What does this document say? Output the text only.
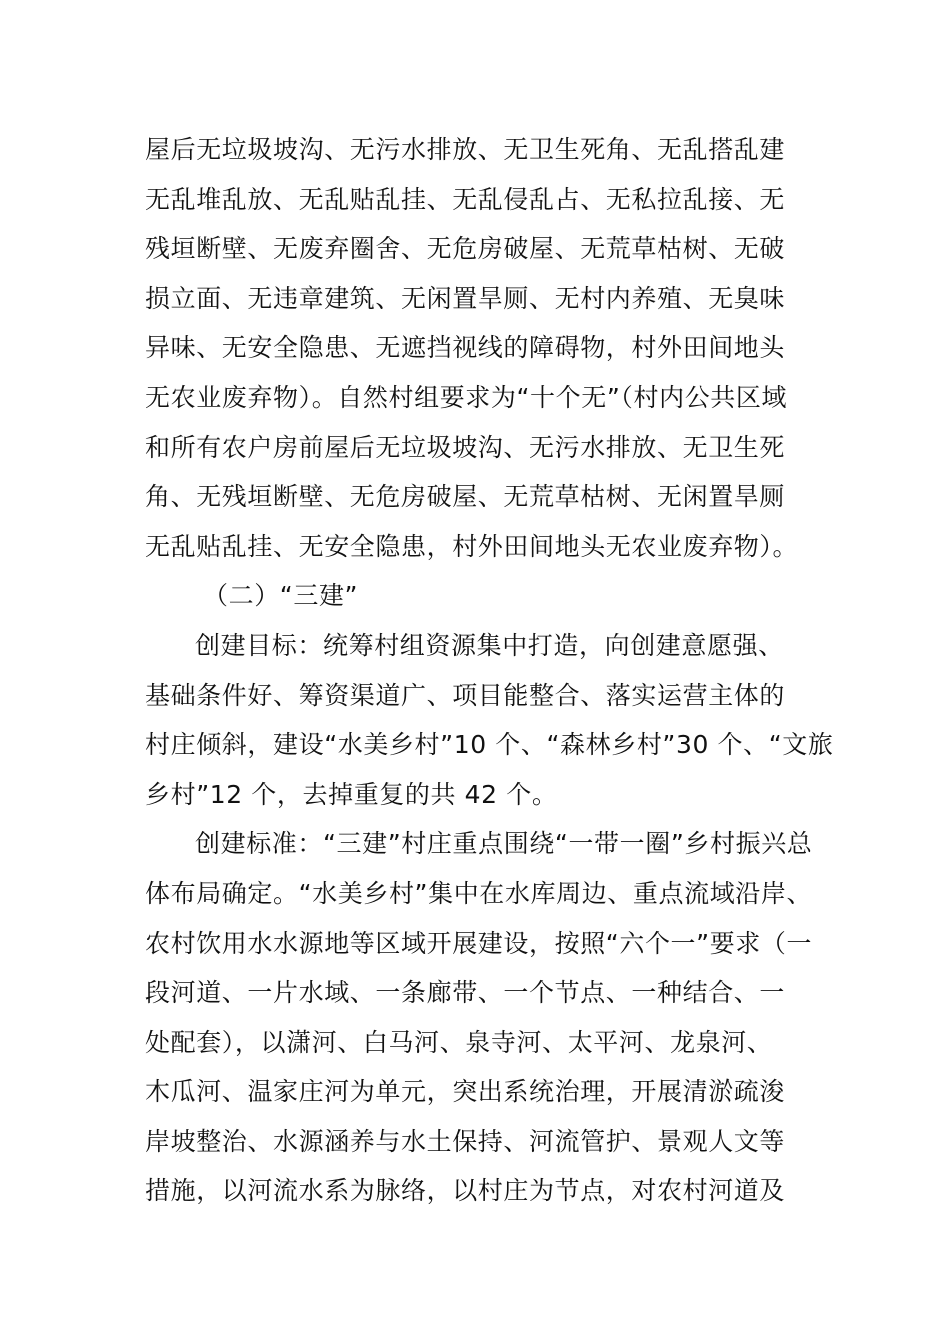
屋后无垃圾坡沟、无污水排放、无卫生死角、无乱搭乱建
无乱堆乱放、无乱贴乱挂、无乱侵乱占、无私拉乱接、无
残垣断壁、无废弃圈舍、无危房破屋、无荒草枯树、无破
损立面、无违章建筑、无闲置旱厕、无村内养殖、无臭味
异味、无安全隐患、无遮挡视线的障碍物，村外田间地头
无农业废弃物）。自然村组要求为“十个无”（村内公共区域
和所有农户房前屋后无垃圾坡沟、无污水排放、无卫生死
角、无残垣断壁、无危房破屋、无荒草枯树、无闲置旱厕
无乱贴乱挂、无安全隐患，村外田间地头无农业废弃物）。
（二）“三建”
创建目标：统筹村组资源集中打造，向创建意愿强、
基础条件好、筹资渠道广、项目能整合、落实运营主体的
村庄倾斜，建设“水美乡村”10 个、“森林乡村”30 个、“文旅
乡村”12 个，去掉重复的共 42 个。
创建标准：“三建”村庄重点围绕“一带一圈”乡村振兴总
体布局确定。“水美乡村”集中在水库周边、重点流域沿岸、
农村饮用水水源地等区域开展建设，按照“六个一”要求（一
段河道、一片水域、一条廊带、一个节点、一种结合、一
处配套），以潇河、白马河、泉寺河、太平河、龙泉河、
木瓜河、温家庄河为单元，突出系统治理，开展清淤疏浚
岸坡整治、水源涵养与水土保持、河流管护、景观人文等
措施，以河流水系为脉络，以村庄为节点，对农村河道及
